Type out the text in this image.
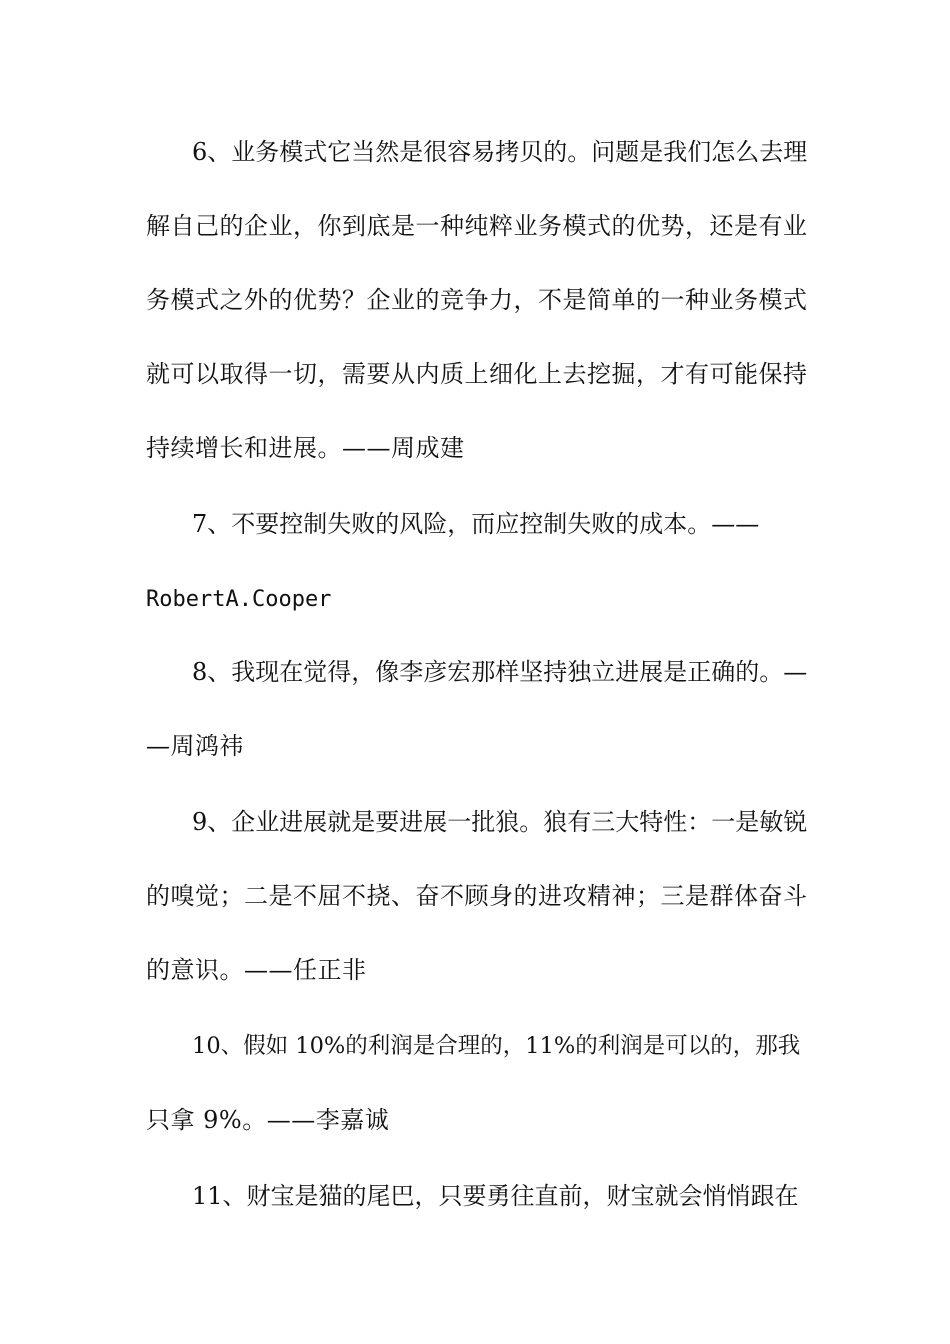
6、业务模式它当然是很容易拷贝的。问题是我们怎么去理
解自己的企业，你到底是一种纯粹业务模式的优势，还是有业
务模式之外的优势？企业的竞争力，不是简单的一种业务模式
就可以取得一切，需要从内质上细化上去挖掘，才有可能保持
持续增长和进展。——周成建
7、不要控制失败的风险，而应控制失败的成本。——
RobertA.Cooper
8、我现在觉得，像李彦宏那样坚持独立进展是正确的。—
—周鸿祎
9、企业进展就是要进展一批狼。狼有三大特性：一是敏锐
的嗅觉；二是不屈不挠、奋不顾身的进攻精神；三是群体奋斗
的意识。——任正非
10、假如 10%的利润是合理的，11%的利润是可以的，那我
只拿 9%。——李嘉诚
11、财宝是猫的尾巴，只要勇往直前，财宝就会悄悄跟在
